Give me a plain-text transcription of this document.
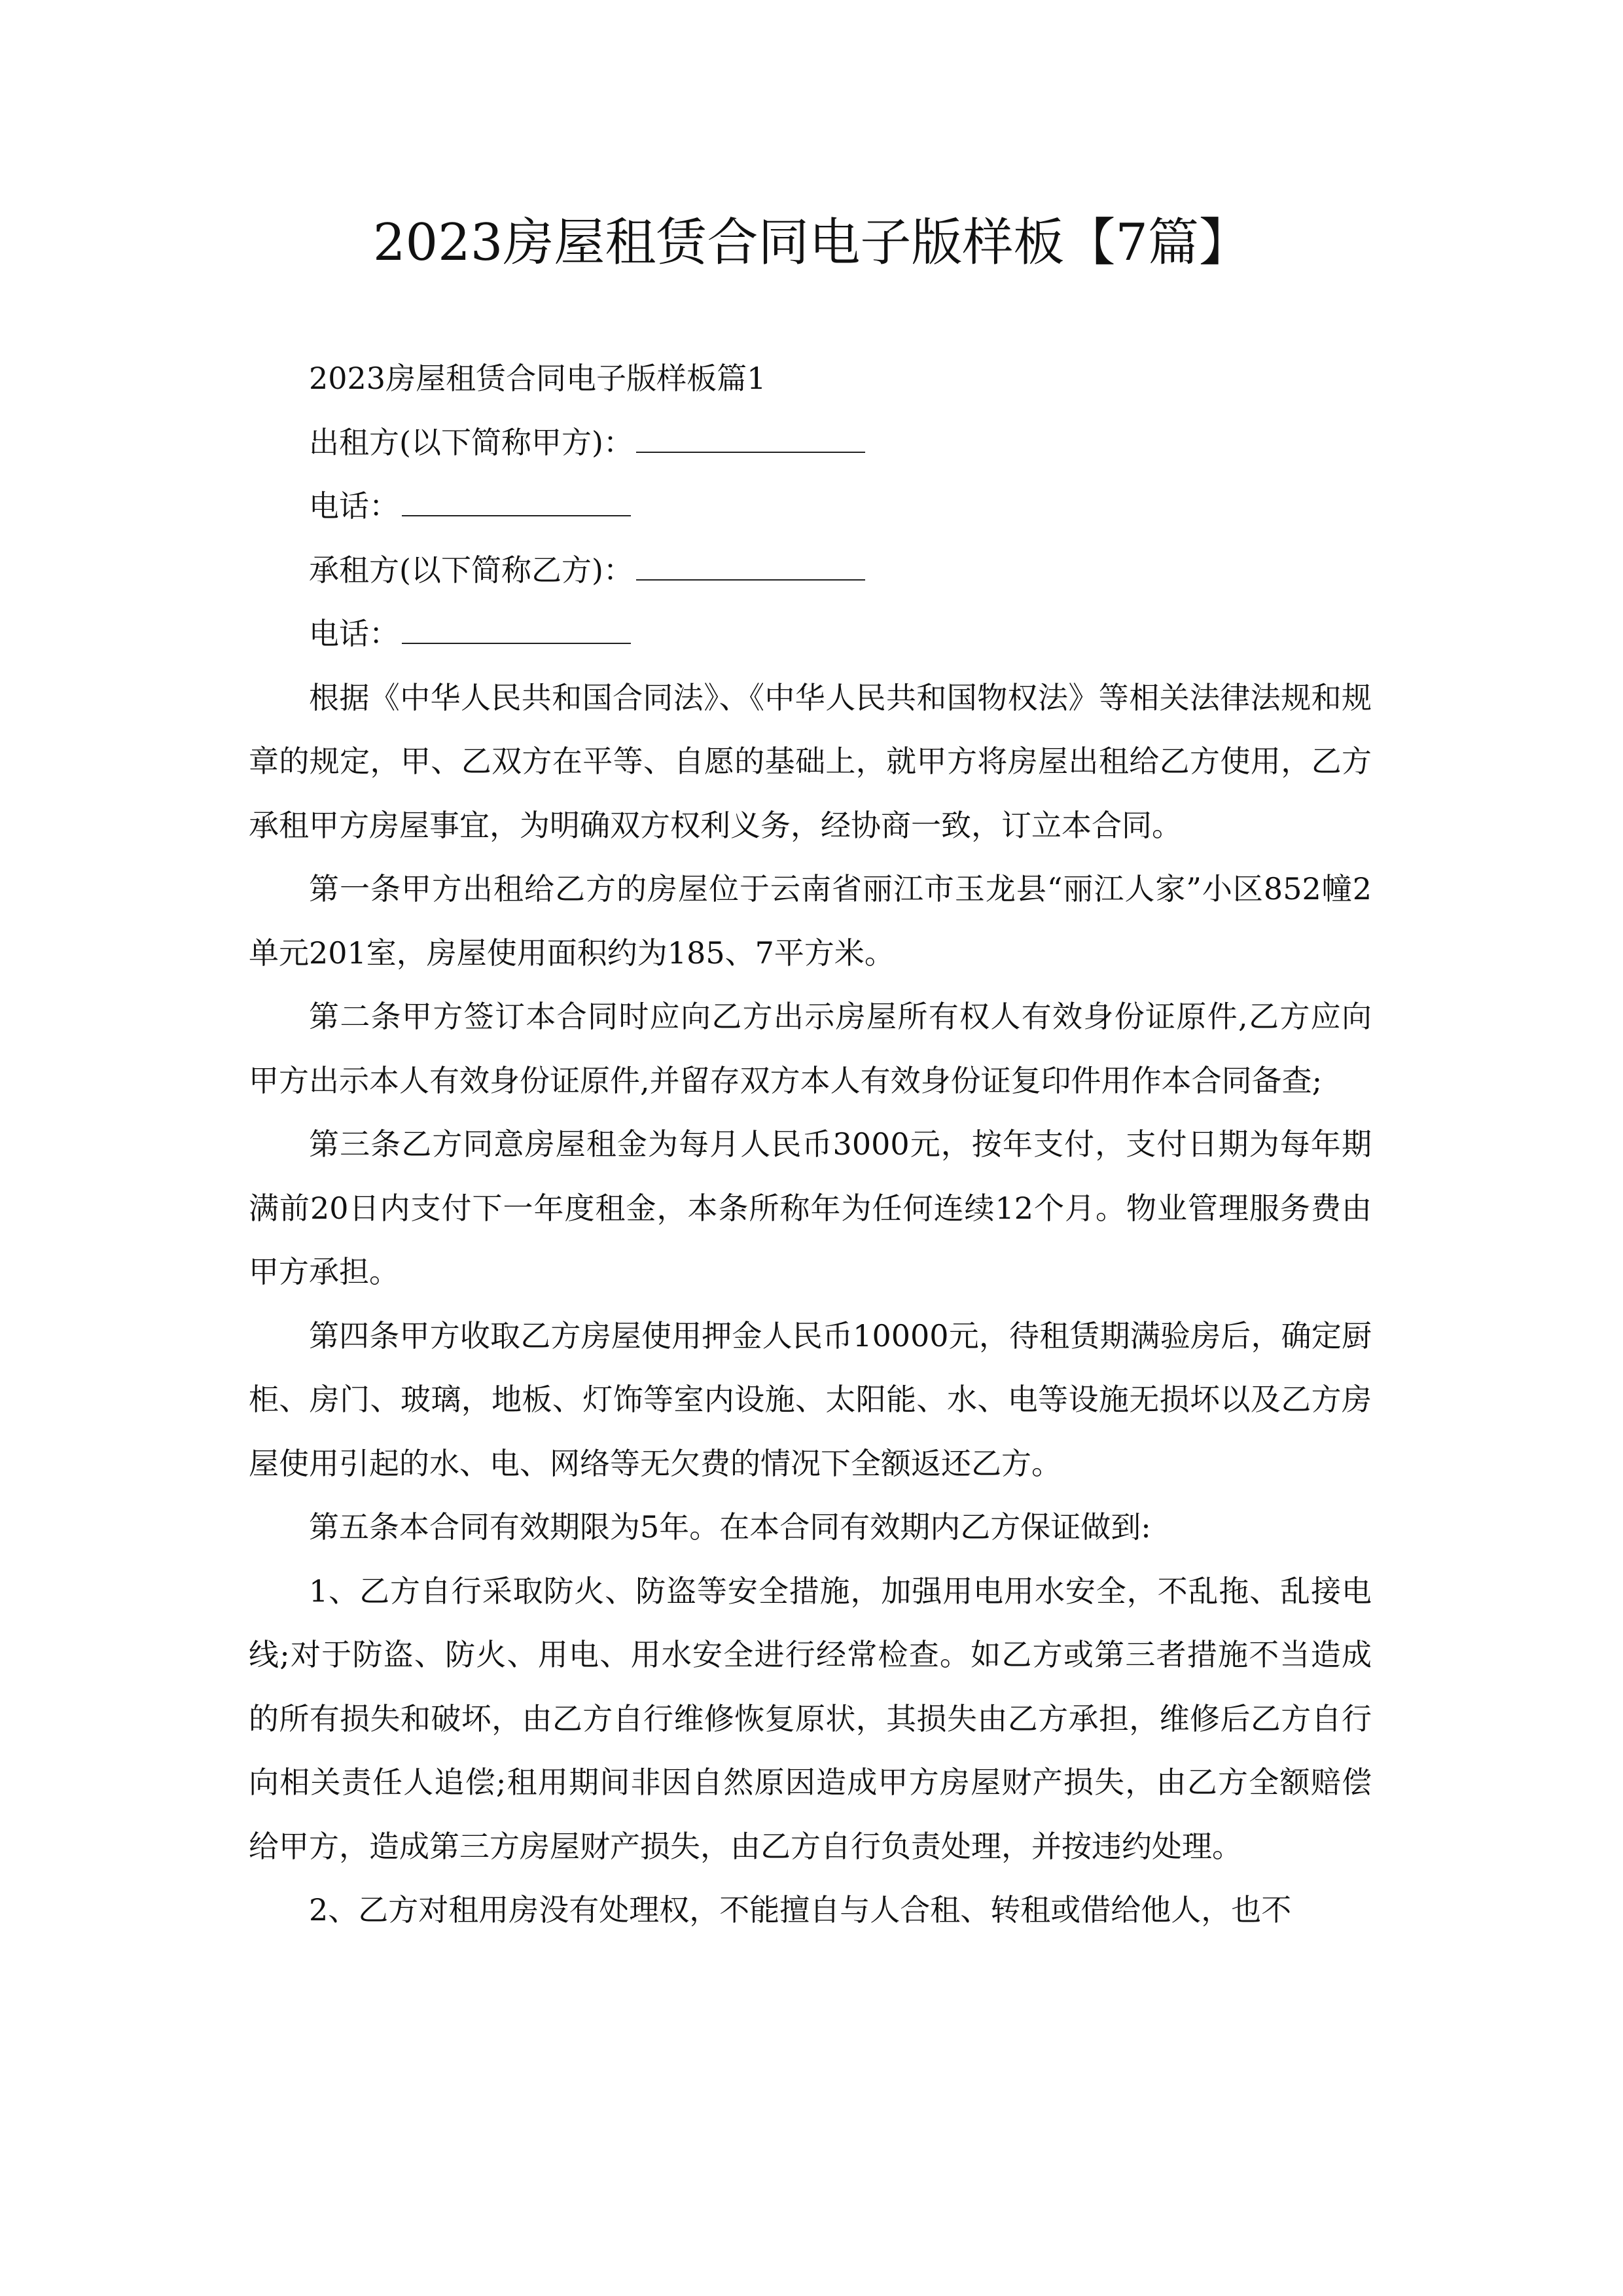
2023房屋租赁合同电子版样板【7篇】

2023房屋租赁合同电子版样板篇1

出租方(以下简称甲方)：

电话：

承租方(以下简称乙方)：

电话：

根据《中华人民共和国合同法》、《中华人民共和国物权法》等相关法律法规和规章的规定，甲、乙双方在平等、自愿的基础上，就甲方将房屋出租给乙方使用，乙方承租甲方房屋事宜，为明确双方权利义务，经协商一致，订立本合同。

第一条甲方出租给乙方的房屋位于云南省丽江市玉龙县“丽江人家”小区852幢2单元201室，房屋使用面积约为185、7平方米。

第二条甲方签订本合同时应向乙方出示房屋所有权人有效身份证原件,乙方应向甲方出示本人有效身份证原件,并留存双方本人有效身份证复印件用作本合同备查;

第三条乙方同意房屋租金为每月人民币3000元，按年支付，支付日期为每年期满前20日内支付下一年度租金，本条所称年为任何连续12个月。物业管理服务费由甲方承担。

第四条甲方收取乙方房屋使用押金人民币10000元，待租赁期满验房后，确定厨柜、房门、玻璃，地板、灯饰等室内设施、太阳能、水、电等设施无损坏以及乙方房屋使用引起的水、电、网络等无欠费的情况下全额返还乙方。

第五条本合同有效期限为5年。在本合同有效期内乙方保证做到:

1、乙方自行采取防火、防盗等安全措施，加强用电用水安全，不乱拖、乱接电线;对于防盗、防火、用电、用水安全进行经常检查。如乙方或第三者措施不当造成的所有损失和破坏，由乙方自行维修恢复原状，其损失由乙方承担，维修后乙方自行向相关责任人追偿;租用期间非因自然原因造成甲方房屋财产损失，由乙方全额赔偿给甲方，造成第三方房屋财产损失，由乙方自行负责处理，并按违约处理。

2、乙方对租用房没有处理权，不能擅自与人合租、转租或借给他人，也不
